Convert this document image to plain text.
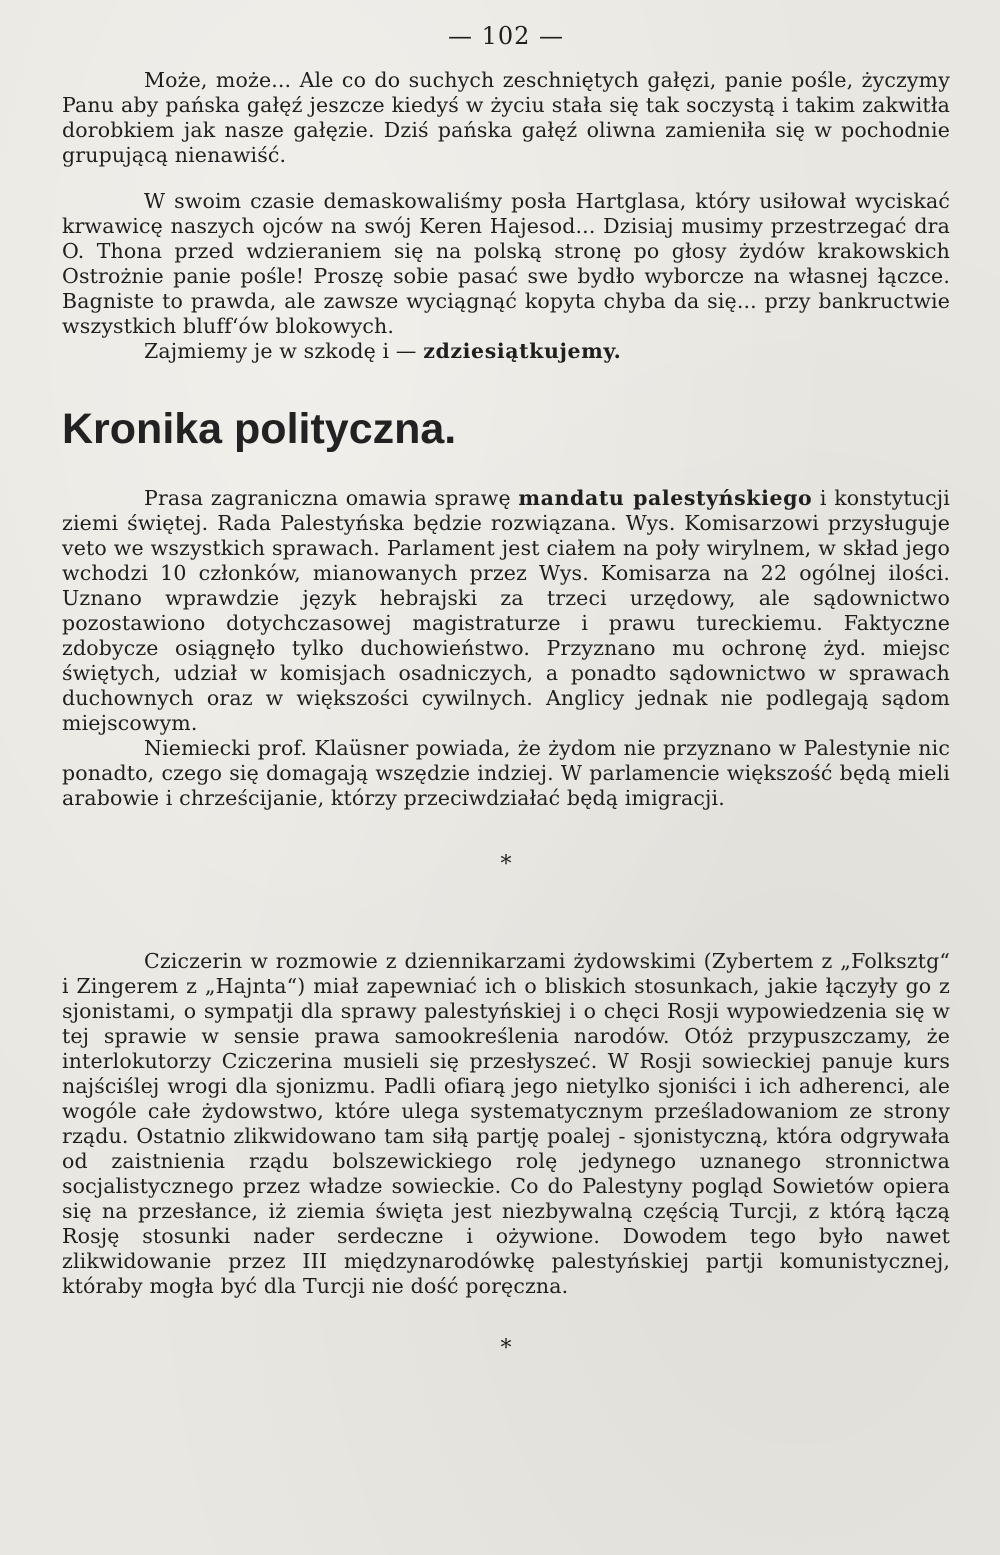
— 102 —

Może, może... Ale co do suchych zeschniętych gałęzi, panie pośle, życzymy Panu aby pańska gałęź jeszcze kiedyś w życiu stała się tak soczystą i takim zakwitła dorobkiem jak nasze gałęzie. Dziś pańska gałęź oliwna zamieniła się w pochodnie grupującą nienawiść.

W swoim czasie demaskowaliśmy posła Hartglasa, który usiłował wyciskać krwawicę naszych ojców na swój Keren Hajesod... Dzisiaj musimy przestrzegać dra O. Thona przed wdzieraniem się na polską stronę po głosy żydów krakowskich Ostrożnie panie pośle! Proszę sobie pasać swe bydło wyborcze na własnej łączce. Bagniste to prawda, ale zawsze wyciągnąć kopyta chyba da się... przy bankructwie wszystkich bluff‘ów blokowych.

Zajmiemy je w szkodę i — zdziesiątkujemy.

Kronika polityczna.

Prasa zagraniczna omawia sprawę mandatu palestyńskiego i konstytucji ziemi świętej. Rada Palestyńska będzie rozwiązana. Wys. Komisarzowi przysługuje veto we wszystkich sprawach. Parlament jest ciałem na poły wirylnem, w skład jego wchodzi 10 członków, mianowanych przez Wys. Komisarza na 22 ogólnej ilości. Uznano wprawdzie język hebrajski za trzeci urzędowy, ale sądownictwo pozostawiono dotychczasowej magistraturze i prawu tureckiemu. Faktyczne zdobycze osiągnęło tylko duchowieństwo. Przyznano mu ochronę żyd. miejsc świętych, udział w komisjach osadniczych, a ponadto sądownictwo w sprawach duchownych oraz w większości cywilnych. Anglicy jednak nie podlegają sądom miejscowym.

Niemiecki prof. Klaüsner powiada, że żydom nie przyznano w Palestynie nic ponadto, czego się domagają wszędzie indziej. W parlamencie większość będą mieli arabowie i chrześcijanie, którzy przeciwdziałać będą imigracji.

*

Cziczerin w rozmowie z dziennikarzami żydowskimi (Zybertem z „Folksztg“ i Zingerem z „Hajnta“) miał zapewniać ich o bliskich stosunkach, jakie łączyły go z sjonistami, o sympatji dla sprawy palestyńskiej i o chęci Rosji wypowiedzenia się w tej sprawie w sensie prawa samookreślenia narodów. Otóż przypuszczamy, że interlokutorzy Cziczerina musieli się przesłyszeć. W Rosji sowieckiej panuje kurs najściślej wrogi dla sjonizmu. Padli ofiarą jego nietylko sjoniści i ich adherenci, ale wogóle całe żydowstwo, które ulega systematycznym prześladowaniom ze strony rządu. Ostatnio zlikwidowano tam siłą partję poalej - sjonistyczną, która odgrywała od zaistnienia rządu bolszewickiego rolę jedynego uznanego stronnictwa socjalistycznego przez władze sowieckie. Co do Palestyny pogląd Sowietów opiera się na przesłance, iż ziemia święta jest niezbywalną częścią Turcji, z którą łączą Rosję stosunki nader serdeczne i ożywione. Dowodem tego było nawet zlikwidowanie przez III międzynarodówkę palestyńskiej partji komunistycznej, któraby mogła być dla Turcji nie dość poręczna.

*
